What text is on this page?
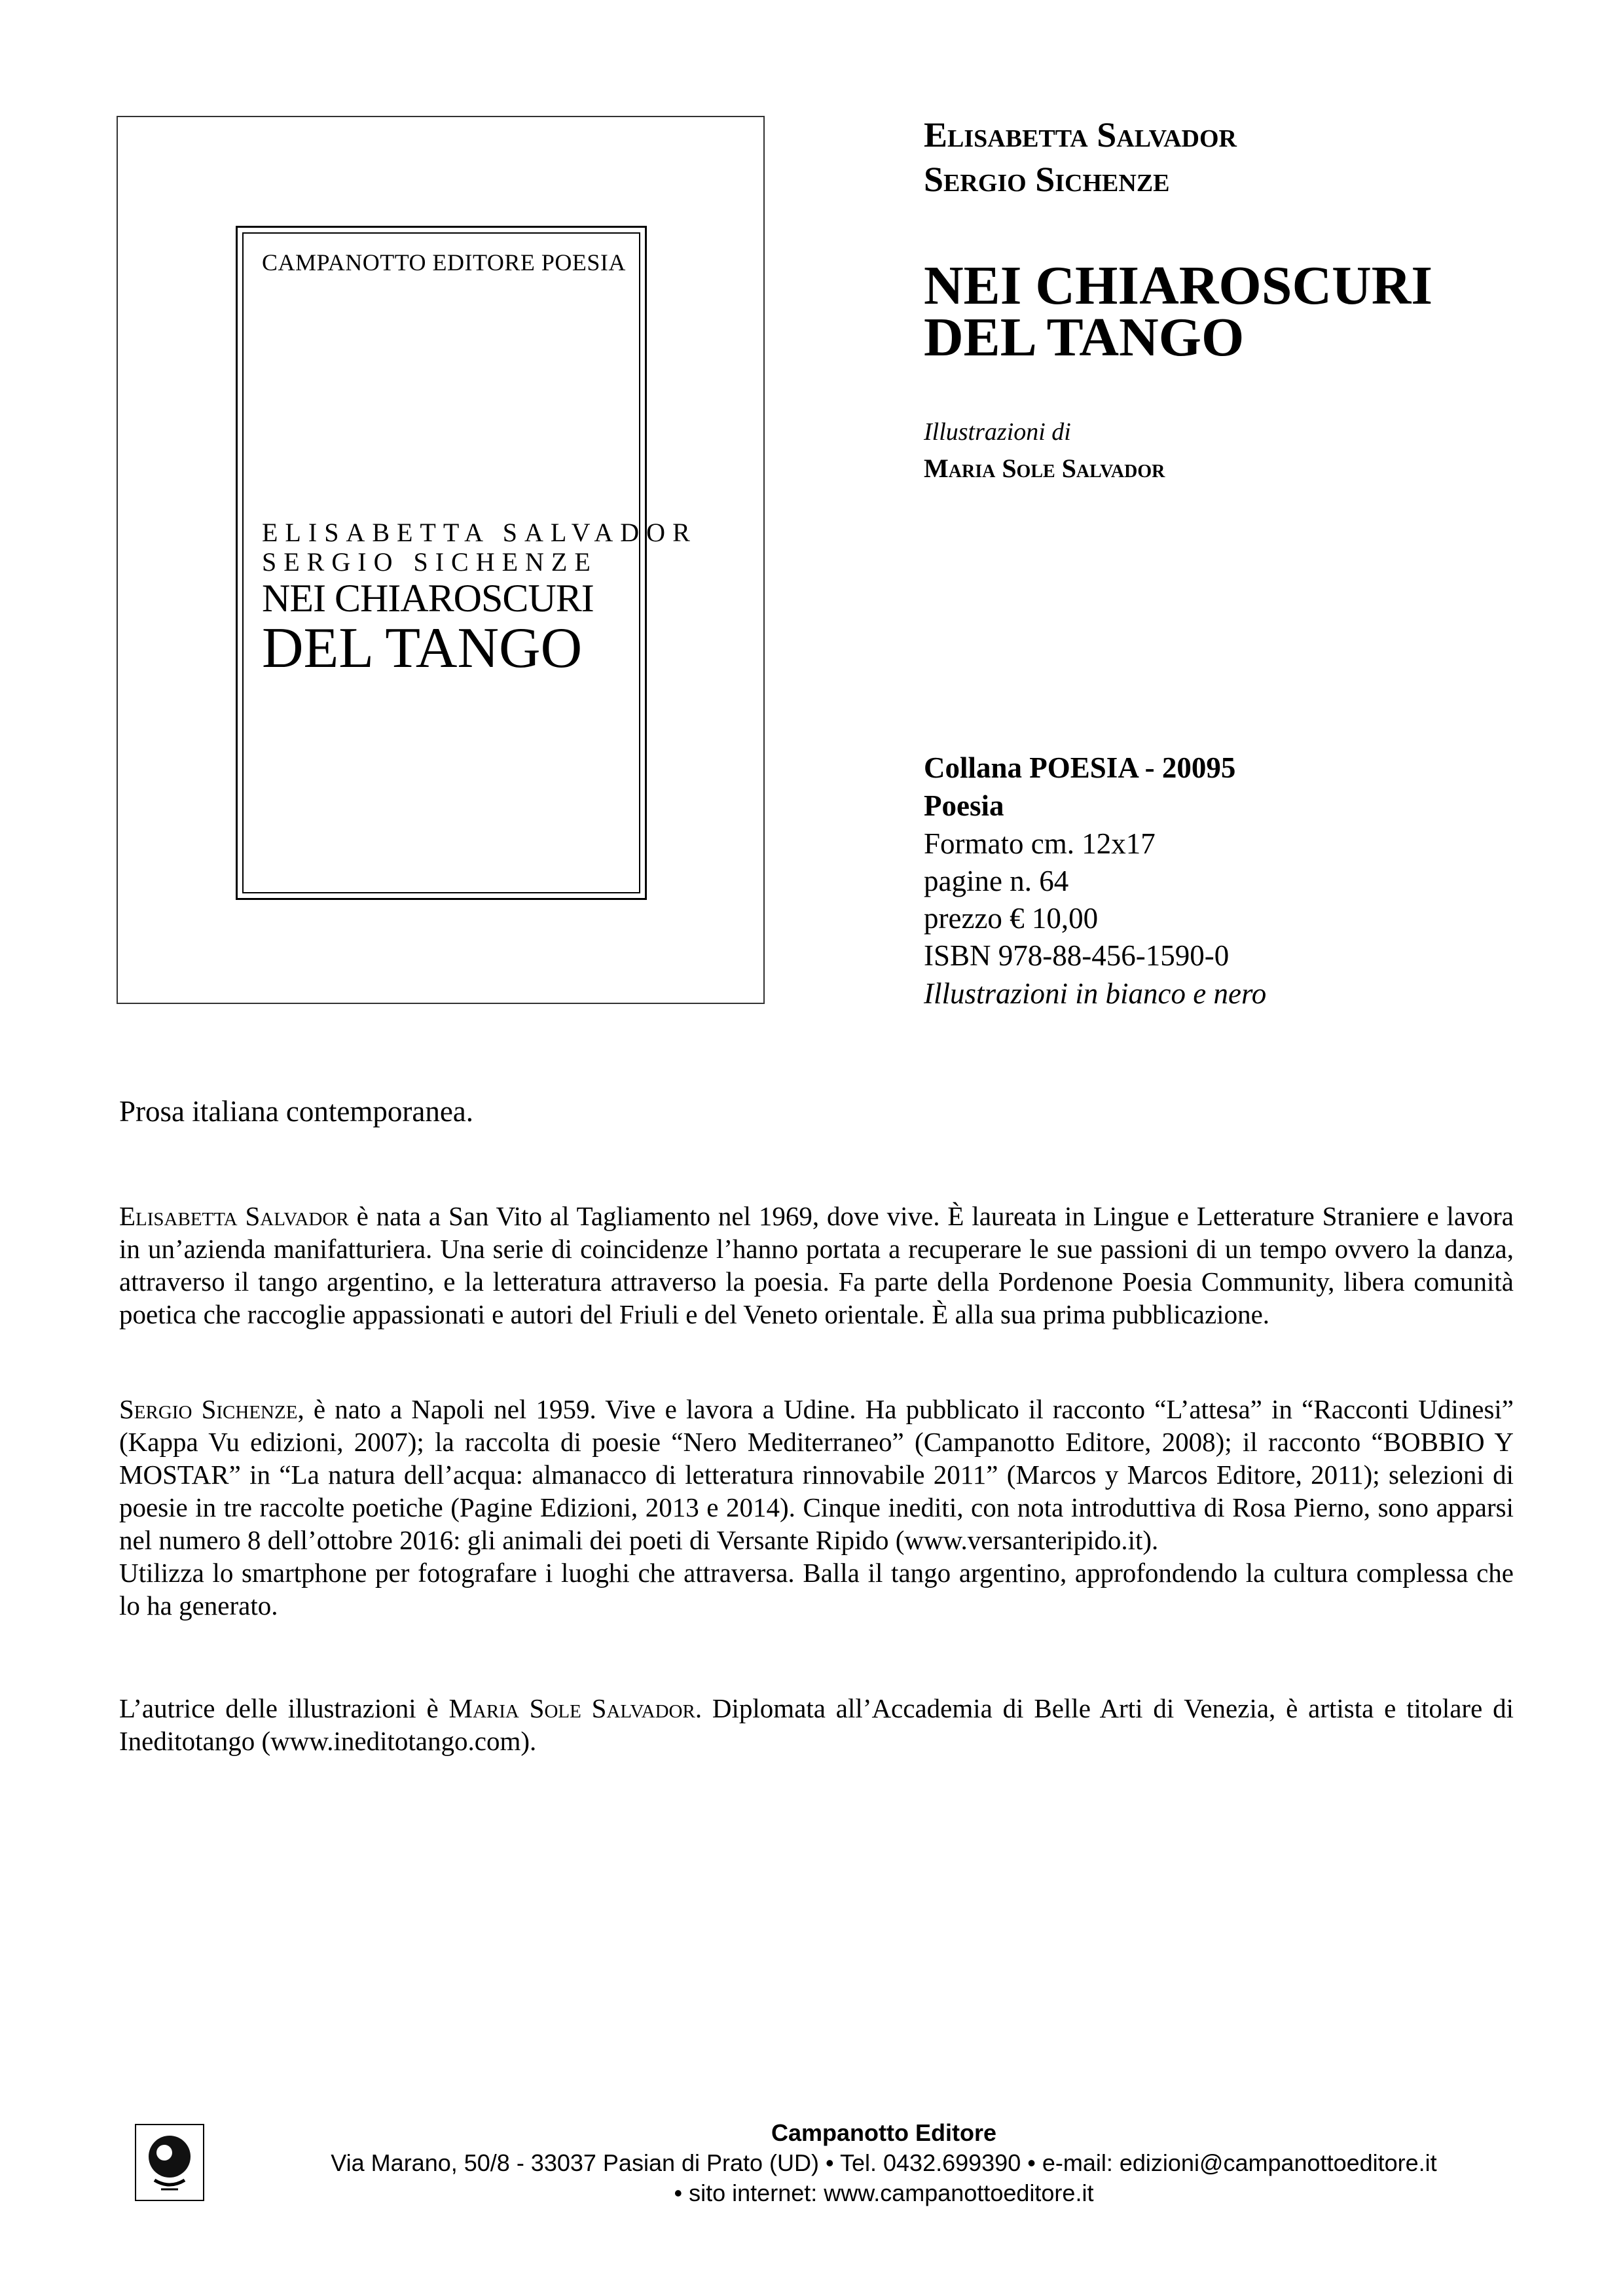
CAMPANOTTO EDITORE POESIA
ELISABETTA SALVADOR
SERGIO SICHENZE
NEI CHIAROSCURI
DEL TANGO
Elisabetta Salvador
Sergio Sichenze
NEI CHIAROSCURI
DEL TANGO
Illustrazioni di
Maria Sole Salvador
Collana POESIA - 20095
Poesia
Formato cm. 12x17
pagine n. 64
prezzo € 10,00
ISBN 978-88-456-1590-0
Illustrazioni in bianco e nero
Prosa italiana contemporanea.
Elisabetta Salvador è nata a San Vito al Tagliamento nel 1969, dove vive. È laureata in Lingue e Letterature Straniere e lavora in un’azienda manifatturiera. Una serie di coincidenze l’hanno portata a recuperare le sue passioni di un tempo ovvero la danza, attraverso il tango argentino, e la letteratura attraverso la poesia. Fa parte della Pordenone Poesia Community, libera comunità poetica che raccoglie appassionati e autori del Friuli e del Veneto orientale. È alla sua prima pubblicazione.
Sergio Sichenze, è nato a Napoli nel 1959. Vive e lavora a Udine. Ha pubblicato il racconto “L’attesa” in “Racconti Udinesi” (Kappa Vu edizioni, 2007); la raccolta di poesie “Nero Mediterraneo” (Campanotto Editore, 2008); il racconto “BOBBIO Y MOSTAR” in “La natura dell’acqua: almanacco di letteratura rinnovabile 2011” (Marcos y Marcos Editore, 2011); selezioni di poesie in tre raccolte poetiche (Pagine Edizioni, 2013 e 2014). Cinque inediti, con nota introduttiva di Rosa Pierno, sono apparsi nel numero 8 dell’ottobre 2016: gli animali dei poeti di Versante Ripido (www.versanteripido.it).
Utilizza lo smartphone per fotografare i luoghi che attraversa. Balla il tango argentino, approfondendo la cultura complessa che lo ha generato.
L’autrice delle illustrazioni è Maria Sole Salvador. Diplomata all’Accademia di Belle Arti di Venezia, è artista e titolare di Ineditotango (www.ineditotango.com).
Campanotto Editore
Via Marano, 50/8 - 33037 Pasian di Prato (UD) • Tel. 0432.699390 • e-mail: edizioni@campanottoeditore.it
• sito internet: www.campanottoeditore.it
